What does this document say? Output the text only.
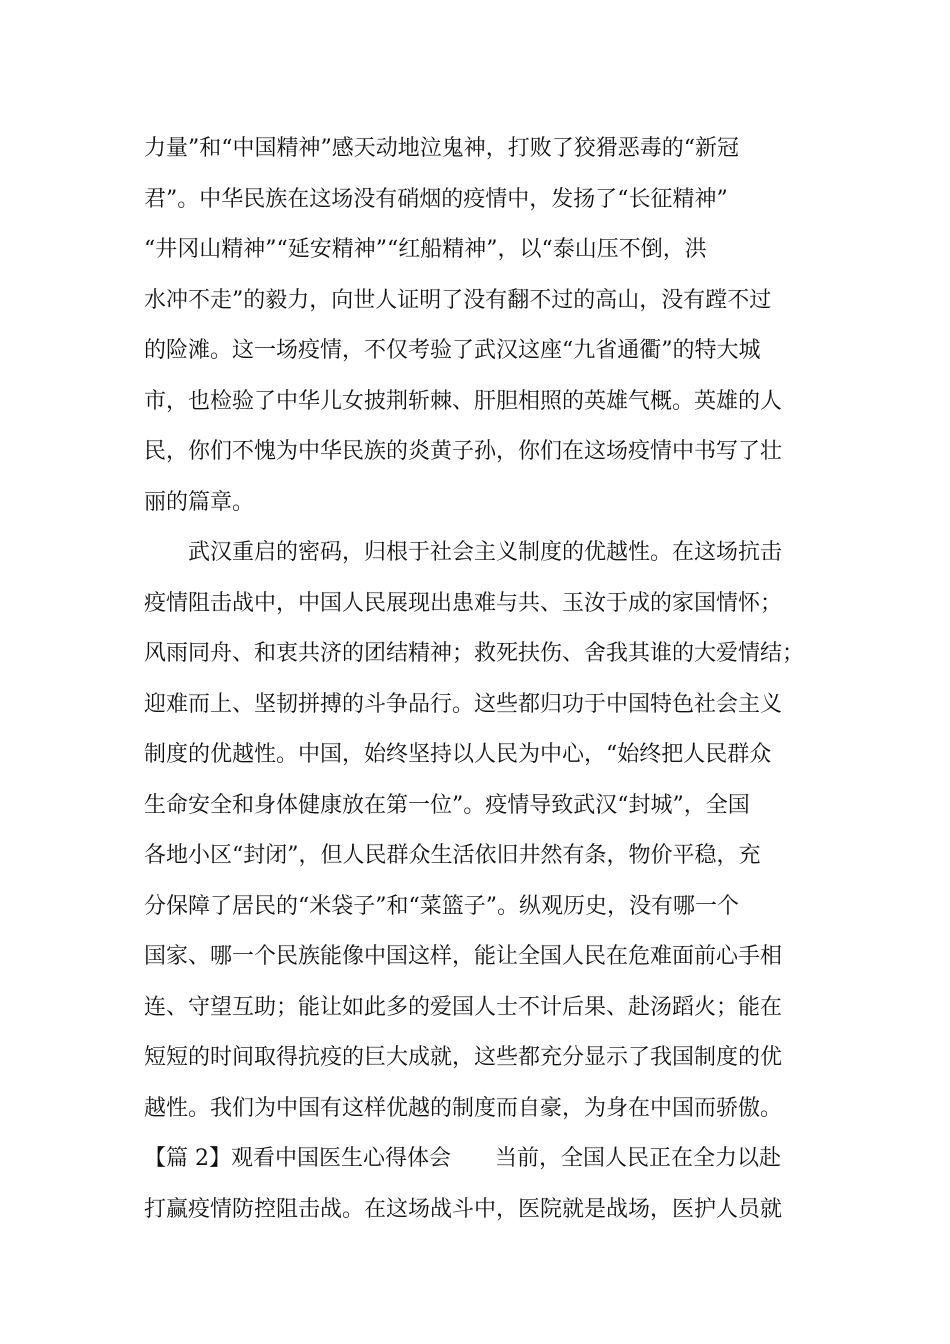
力量”和“中国精神”感天动地泣鬼神，打败了狡猾恶毒的“新冠
君”。中华民族在这场没有硝烟的疫情中，发扬了“长征精神”
“井冈山精神”“延安精神”“红船精神”，以“泰山压不倒，洪
水冲不走”的毅力，向世人证明了没有翻不过的高山，没有蹚不过
的险滩。这一场疫情，不仅考验了武汉这座“九省通衢”的特大城
市，也检验了中华儿女披荆斩棘、肝胆相照的英雄气概。英雄的人
民，你们不愧为中华民族的炎黄子孙，你们在这场疫情中书写了壮
丽的篇章。
武汉重启的密码，归根于社会主义制度的优越性。在这场抗击
疫情阻击战中，中国人民展现出患难与共、玉汝于成的家国情怀；
风雨同舟、和衷共济的团结精神；救死扶伤、舍我其谁的大爱情结；
迎难而上、坚韧拼搏的斗争品行。这些都归功于中国特色社会主义
制度的优越性。中国，始终坚持以人民为中心，“始终把人民群众
生命安全和身体健康放在第一位”。疫情导致武汉“封城”，全国
各地小区“封闭”，但人民群众生活依旧井然有条，物价平稳，充
分保障了居民的“米袋子”和“菜篮子”。纵观历史，没有哪一个
国家、哪一个民族能像中国这样，能让全国人民在危难面前心手相
连、守望互助；能让如此多的爱国人士不计后果、赴汤蹈火；能在
短短的时间取得抗疫的巨大成就，这些都充分显示了我国制度的优
越性。我们为中国有这样优越的制度而自豪，为身在中国而骄傲。
【篇 2】观看中国医生心得体会　　当前，全国人民正在全力以赴
打赢疫情防控阻击战。在这场战斗中，医院就是战场，医护人员就
